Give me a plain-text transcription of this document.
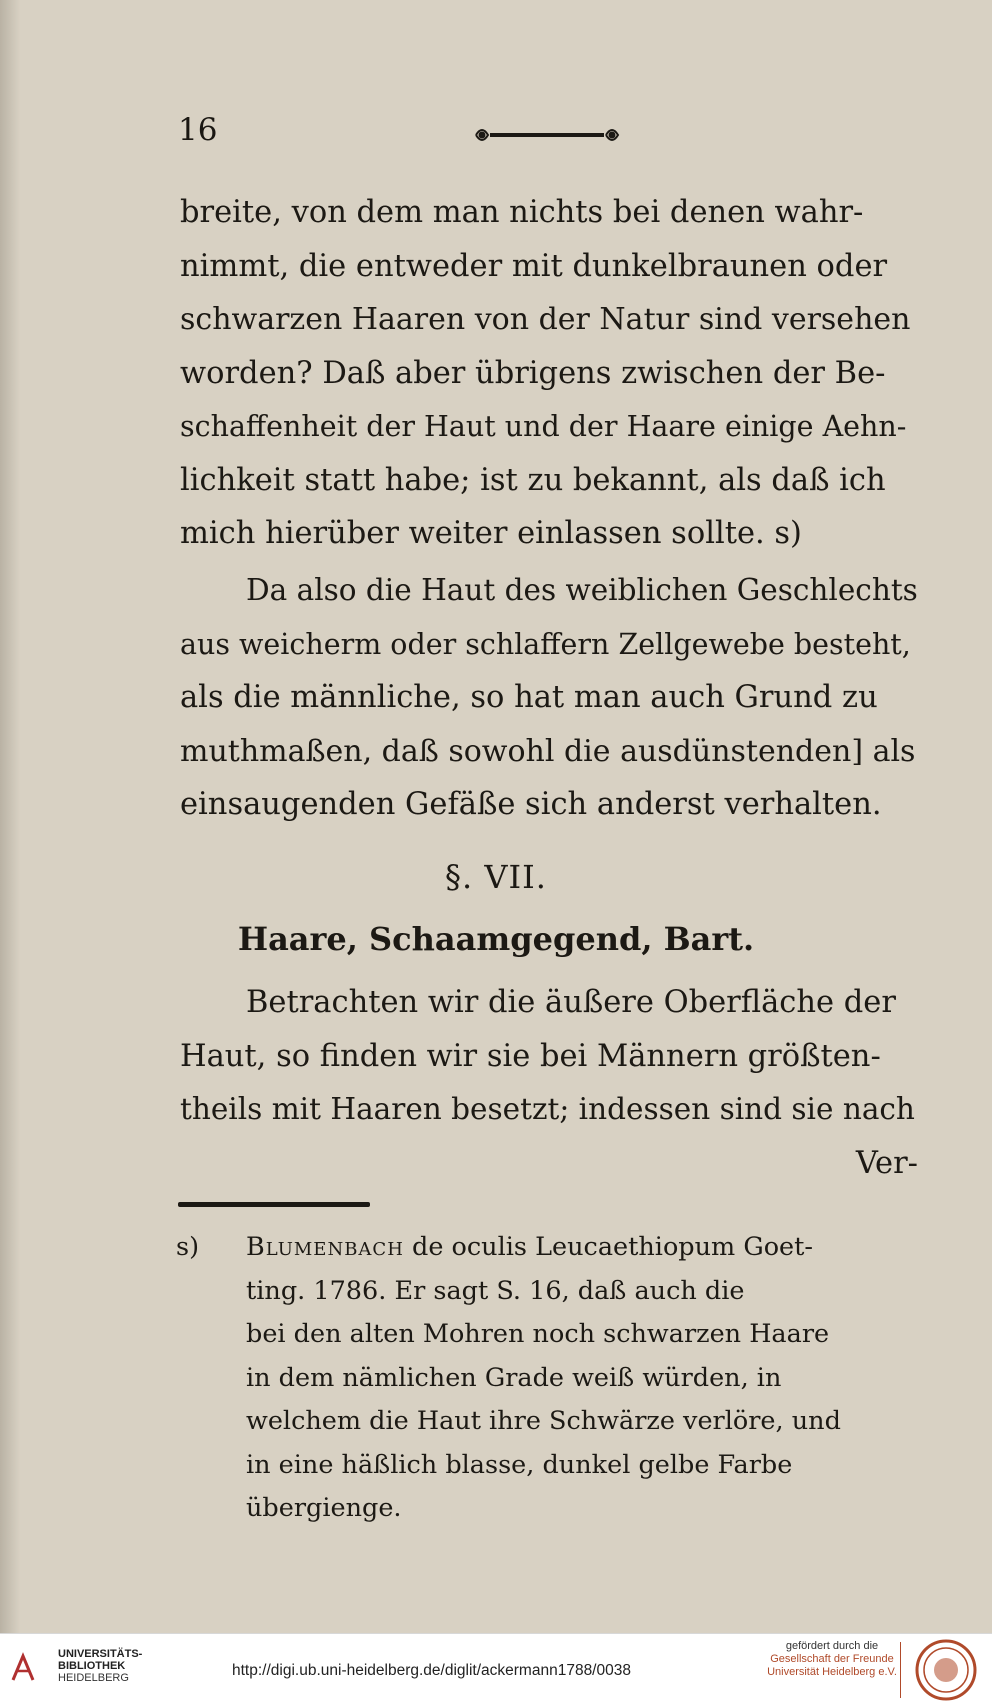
16
breite, von dem man nichts bei denen wahr-
nimmt, die entweder mit dunkelbraunen oder
schwarzen Haaren von der Natur sind versehen
worden? Daß aber übrigens zwischen der Be-
schaffenheit der Haut und der Haare einige Aehn-
lichkeit statt habe; ist zu bekannt, als daß ich
mich hierüber weiter einlassen sollte. s)
Da also die Haut des weiblichen Geschlechts
aus weicherm oder schlaffern Zellgewebe besteht,
als die männliche, so hat man auch Grund zu
muthmaßen, daß sowohl die ausdünstenden] als
einsaugenden Gefäße sich anderst verhalten.
§. VII.
Haare, Schaamgegend, Bart.
Betrachten wir die äußere Oberfläche der
Haut, so finden wir sie bei Männern größten-
theils mit Haaren besetzt; indessen sind sie nach
Ver-
s) Blumenbach de oculis Leucaethiopum Goet-
ting. 1786. Er sagt S. 16, daß auch die
bei den alten Mohren noch schwarzen Haare
in dem nämlichen Grade weiß würden, in
welchem die Haut ihre Schwärze verlöre, und
in eine häßlich blasse, dunkel gelbe Farbe
übergienge.
UNIVERSITÄTS-
BIBLIOTHEK
HEIDELBERG	http://digi.ub.uni-heidelberg.de/diglit/ackermann1788/0038
gefördert durch die
Gesellschaft der Freunde
Universität Heidelberg e.V.
